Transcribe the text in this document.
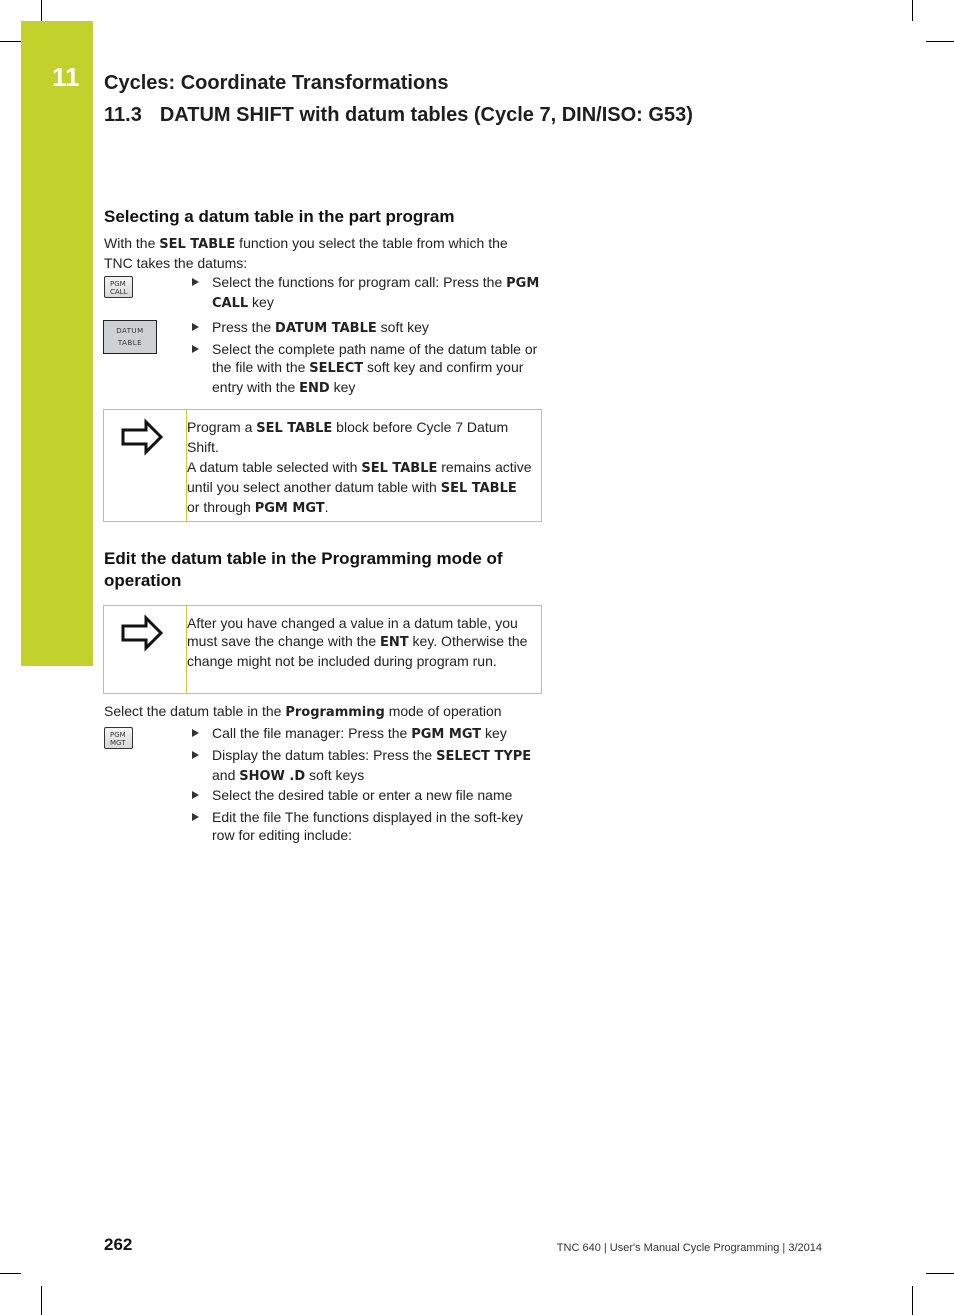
11 Cycles: Coordinate Transformations
11.3 DATUM SHIFT with datum tables (Cycle 7, DIN/ISO: G53)
Selecting a datum table in the part program
With the SEL TABLE function you select the table from which the TNC takes the datums:
PGM
CALL
Select the functions for program call: Press the PGM CALL key
DATUM
TABLE
Press the DATUM TABLE soft key
Select the complete path name of the datum table or the file with the SELECT soft key and confirm your entry with the END key
Program a SEL TABLE block before Cycle 7 Datum Shift.
A datum table selected with SEL TABLE remains active until you select another datum table with SEL TABLE or through PGM MGT.
Edit the datum table in the Programming mode of operation
After you have changed a value in a datum table, you must save the change with the ENT key. Otherwise the change might not be included during program run.
Select the datum table in the Programming mode of operation
PGM
MGT
Call the file manager: Press the PGM MGT key
Display the datum tables: Press the SELECT TYPE and SHOW .D soft keys
Select the desired table or enter a new file name
Edit the file The functions displayed in the soft-key row for editing include:
262	TNC 640 | User's Manual Cycle Programming | 3/2014
